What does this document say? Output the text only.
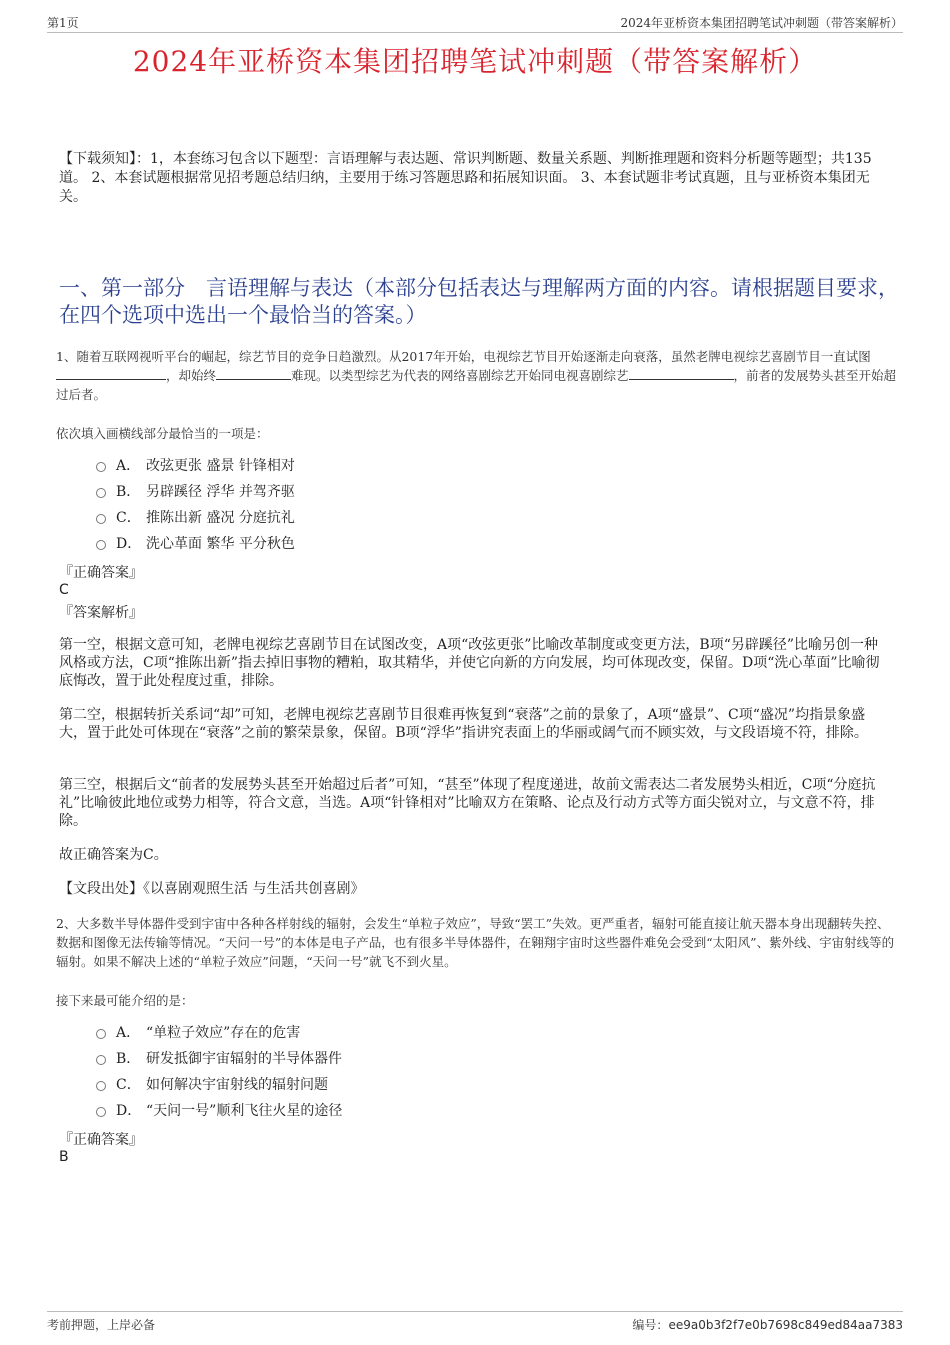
第1页	2024年亚桥资本集团招聘笔试冲刺题（带答案解析）
2024年亚桥资本集团招聘笔试冲刺题（带答案解析）
【下载须知】：1，本套练习包含以下题型：言语理解与表达题、常识判断题、数量关系题、判断推理题和资料分析题等题型；共135道。 2、本套试题根据常见招考题总结归纳，主要用于练习答题思路和拓展知识面。 3、本套试题非考试真题，且与亚桥资本集团无关。
一、第一部分　言语理解与表达（本部分包括表达与理解两方面的内容。请根据题目要求，在四个选项中选出一个最恰当的答案。）
1、随着互联网视听平台的崛起，综艺节目的竞争日趋激烈。从2017年开始，电视综艺节目开始逐渐走向衰落，虽然老牌电视综艺喜剧节目一直试图，却始终	难现。以类型综艺为代表的网络喜剧综艺开始同电视喜剧综艺	，前者的发展势头甚至开始超过后者。
依次填入画横线部分最恰当的一项是：
A． 改弦更张 盛景 针锋相对
B． 另辟蹊径 浮华 并驾齐驱
C． 推陈出新 盛况 分庭抗礼
D． 洗心革面 繁华 平分秋色
『正确答案』
C
『答案解析』
第一空，根据文意可知，老牌电视综艺喜剧节目在试图改变，A项“改弦更张”比喻改革制度或变更方法，B项“另辟蹊径”比喻另创一种风格或方法，C项“推陈出新”指去掉旧事物的糟粕，取其精华，并使它向新的方向发展，均可体现改变，保留。D项“洗心革面”比喻彻底悔改，置于此处程度过重，排除。
第二空，根据转折关系词“却”可知，老牌电视综艺喜剧节目很难再恢复到“衰落”之前的景象了，A项“盛景”、C项“盛况”均指景象盛大，置于此处可体现在“衰落”之前的繁荣景象，保留。B项“浮华”指讲究表面上的华丽或阔气而不顾实效，与文段语境不符，排除。
第三空，根据后文“前者的发展势头甚至开始超过后者”可知，“甚至”体现了程度递进，故前文需表达二者发展势头相近，C项“分庭抗礼”比喻彼此地位或势力相等，符合文意，当选。A项“针锋相对”比喻双方在策略、论点及行动方式等方面尖锐对立，与文意不符，排除。
故正确答案为C。
【文段出处】《以喜剧观照生活 与生活共创喜剧》
2、大多数半导体器件受到宇宙中各种各样射线的辐射，会发生“单粒子效应”，导致“罢工”失效。更严重者，辐射可能直接让航天器本身出现翻转失控、数据和图像无法传输等情况。“天问一号”的本体是电子产品，也有很多半导体器件，在翱翔宇宙时这些器件难免会受到“太阳风”、紫外线、宇宙射线等的辐射。如果不解决上述的“单粒子效应”问题，“天问一号”就飞不到火星。
接下来最可能介绍的是：
A． “单粒子效应”存在的危害
B． 研发抵御宇宙辐射的半导体器件
C． 如何解决宇宙射线的辐射问题
D． “天问一号”顺利飞往火星的途径
『正确答案』
B
考前押题，上岸必备	编号：ee9a0b3f2f7e0b7698c849ed84aa7383
